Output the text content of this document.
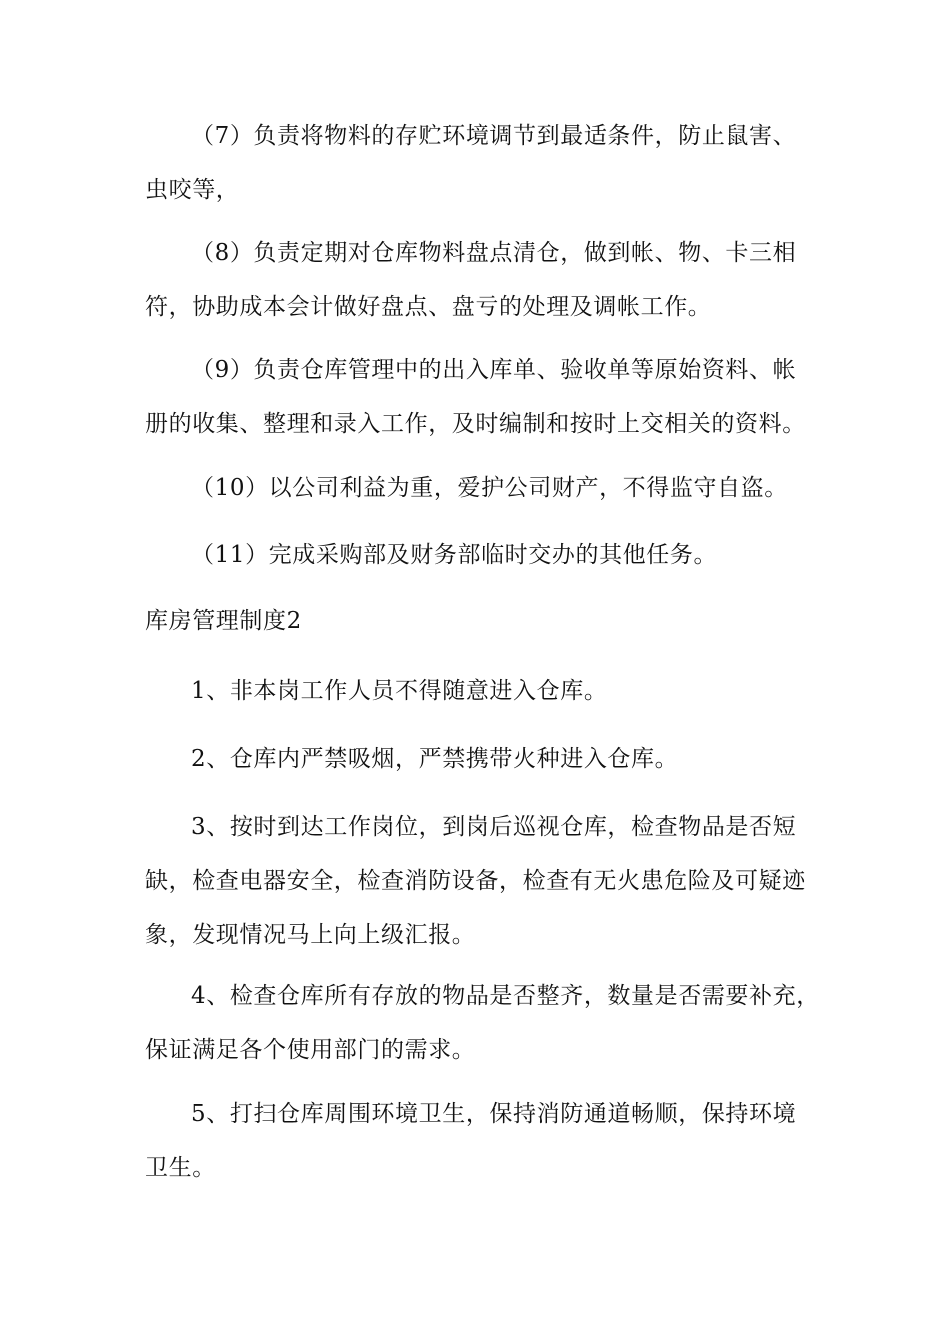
（7）负责将物料的存贮环境调节到最适条件，防止鼠害、
虫咬等，

（8）负责定期对仓库物料盘点清仓，做到帐、物、卡三相
符，协助成本会计做好盘点、盘亏的处理及调帐工作。

（9）负责仓库管理中的出入库单、验收单等原始资料、帐
册的收集、整理和录入工作，及时编制和按时上交相关的资料。

（10）以公司利益为重，爱护公司财产，不得监守自盗。

（11）完成采购部及财务部临时交办的其他任务。

库房管理制度2

1、非本岗工作人员不得随意进入仓库。

2、仓库内严禁吸烟，严禁携带火种进入仓库。

3、按时到达工作岗位，到岗后巡视仓库，检查物品是否短
缺，检查电器安全，检查消防设备，检查有无火患危险及可疑迹
象，发现情况马上向上级汇报。

4、检查仓库所有存放的物品是否整齐，数量是否需要补充，
保证满足各个使用部门的需求。

5、打扫仓库周围环境卫生，保持消防通道畅顺，保持环境
卫生。
